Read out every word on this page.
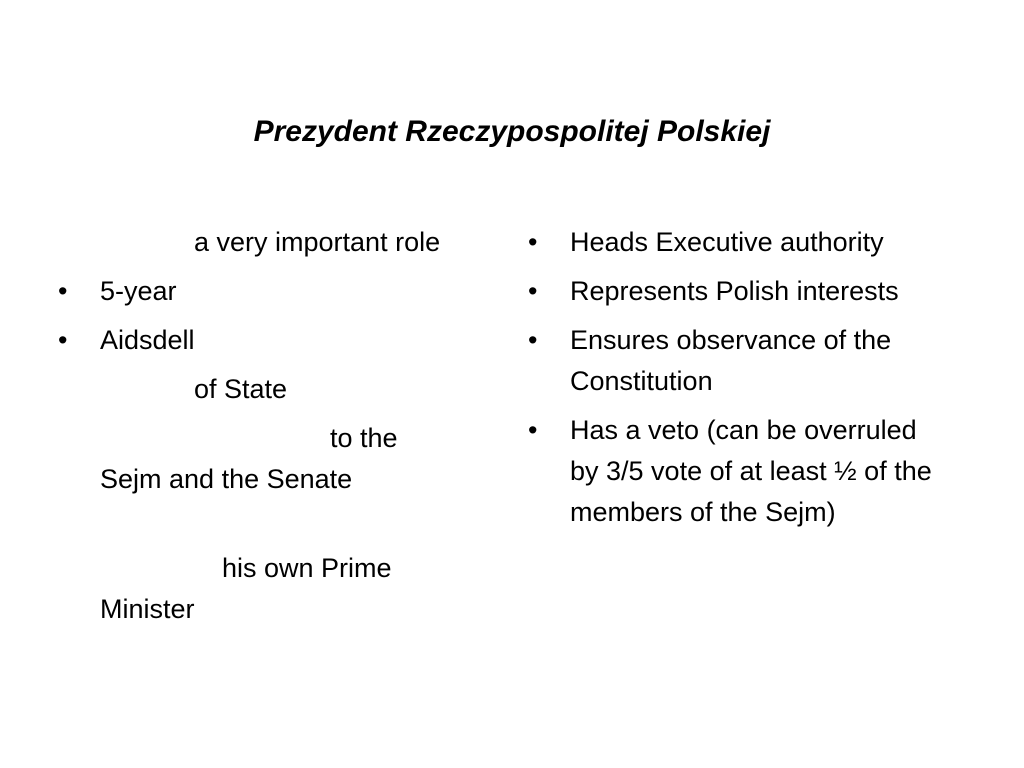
Prezydent Rzeczypospolitej Polskiej

a very important role

• 5-year

• Aidsdell

of State

to the Sejm and the Senate

his own Prime Minister

• Heads Executive authority

• Represents Polish interests

• Ensures observance of the Constitution

• Has a veto (can be overruled by 3/5 vote of at least ½ of the members of the Sejm)
